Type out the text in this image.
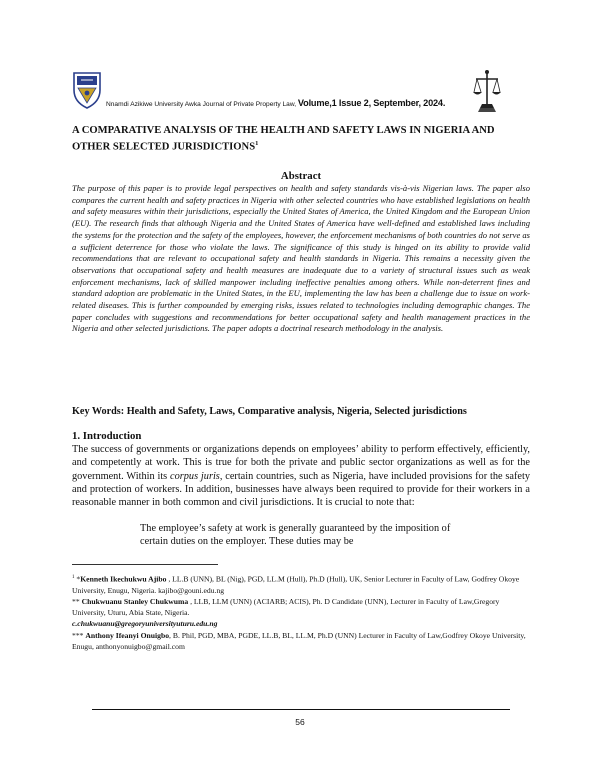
Nnamdi Azikiwe University Awka Journal of Private Property Law, Volume,1 Issue 2, September, 2024.
A COMPARATIVE ANALYSIS OF THE HEALTH AND SAFETY LAWS IN NIGERIA AND OTHER SELECTED JURISDICTIONS$^1$
Abstract
The purpose of this paper is to provide legal perspectives on health and safety standards vis-à-vis Nigerian laws. The paper also compares the current health and safety practices in Nigeria with other selected countries who have established legislations on health and safety measures within their jurisdictions, especially the United States of America, the United Kingdom and the European Union (EU). The research finds that although Nigeria and the United States of America have well-defined and established laws including the systems for the protection and the safety of the employees, however, the enforcement mechanisms of both countries do not serve as a sufficient deterrence for those who violate the laws. The significance of this study is hinged on its ability to provide valid recommendations that are relevant to occupational safety and health standards in Nigeria. This remains a necessity given the observations that occupational safety and health measures are inadequate due to a variety of structural issues such as weak enforcement mechanisms, lack of skilled manpower including ineffective penalties among others. While non-deterrent fines and standard adoption are problematic in the United States, in the EU, implementing the law has been a challenge due to issue on work-related diseases. This is further compounded by emerging risks, issues related to technologies including demographic changes. The paper concludes with suggestions and recommendations for better occupational safety and health management practices in the Nigeria and other selected jurisdictions. The paper adopts a doctrinal research methodology in the analysis.
Key Words: Health and Safety, Laws, Comparative analysis, Nigeria, Selected jurisdictions
1. Introduction
The success of governments or organizations depends on employees’ ability to perform effectively, efficiently, and competently at work. This is true for both the private and public sector organizations as well as for the government. Within its corpus juris, certain countries, such as Nigeria, have included provisions for the safety and protection of workers. In addition, businesses have always been required to provide for their workers in a reasonable manner in both common and civil jurisdictions. It is crucial to note that:
The employee’s safety at work is generally guaranteed by the imposition of certain duties on the employer. These duties may be

$^1$ *Kenneth Ikechukwu Ajibo , LL.B (UNN), BL (Nig), PGD, LL.M (Hull), Ph.D (Hull), UK, Senior Lecturer in Faculty of Law, Godfrey Okoye University, Enugu, Nigeria. kajibo@gouni.edu.ng

** Chukwuanu Stanley Chukwuma , LLB, LLM (UNN) (ACIARB; ACIS), Ph. D Candidate (UNN), Lecturer in Faculty of Law,Gregory University, Uturu, Abia State, Nigeria.

c.chukwuanu@gregoryuniversityuturu.edu.ng

*** Anthony Ifeanyi Onuigbo, B. Phil, PGD, MBA, PGDE, LL.B, BL, LL.M, Ph.D (UNN) Lecturer in Faculty of Law,Godfrey Okoye University, Enugu, anthonyonuigbo@gmail.com

56
